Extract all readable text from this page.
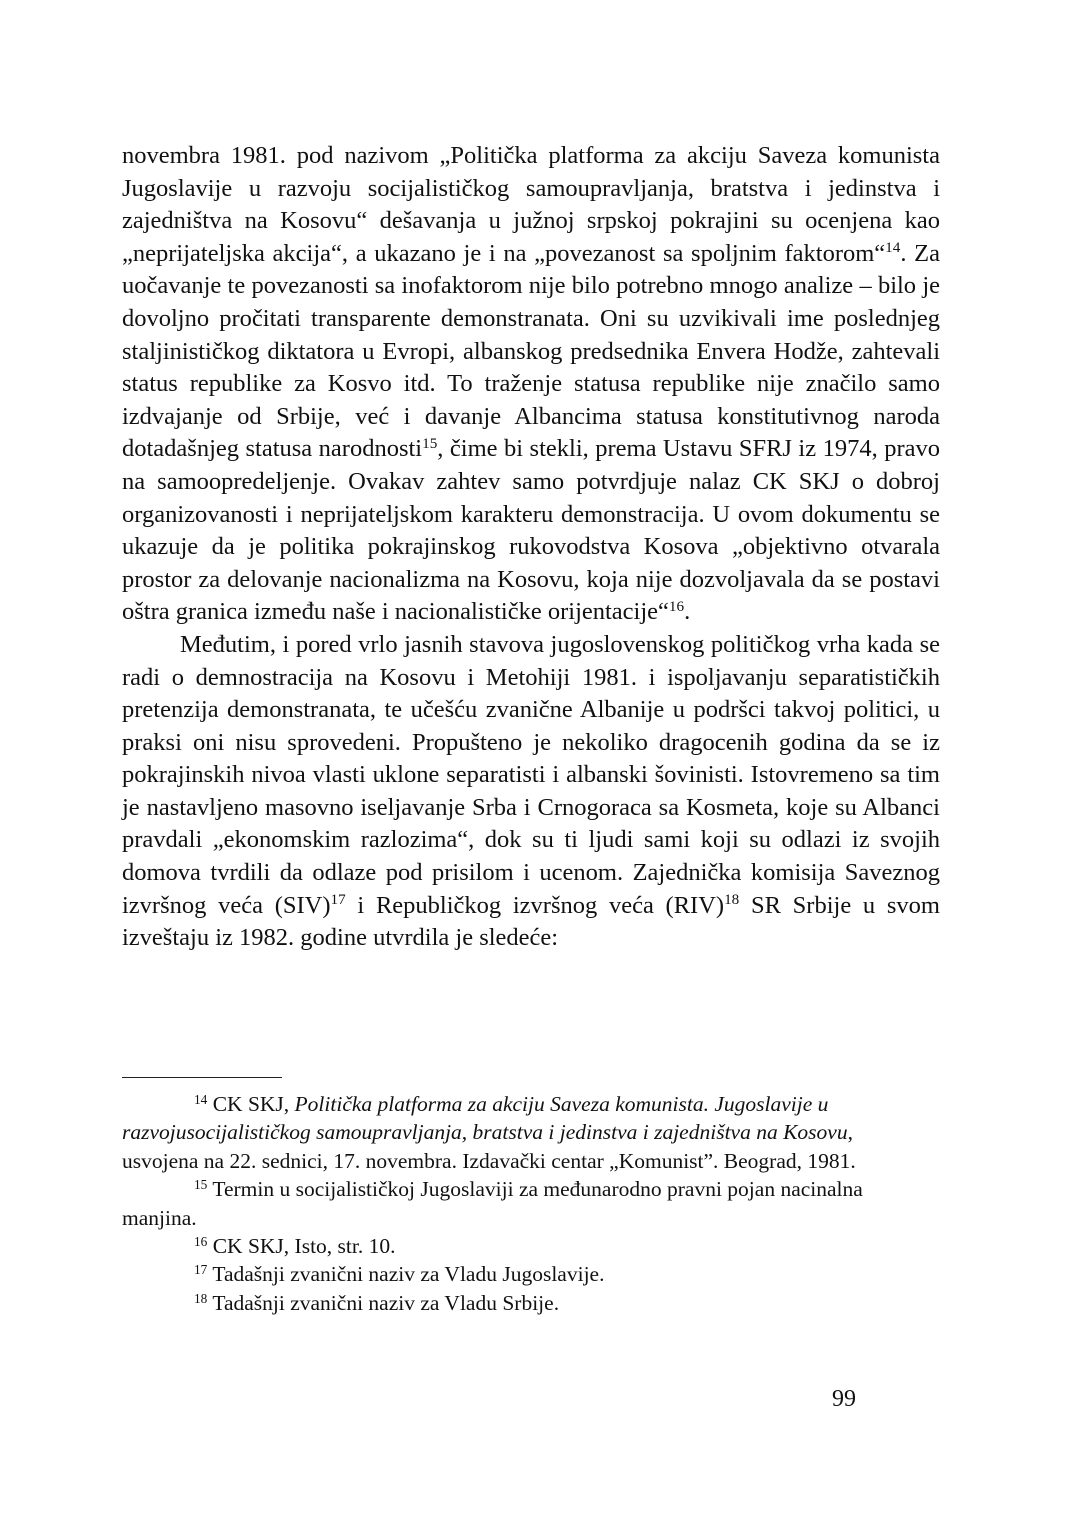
novembra 1981. pod nazivom „Politička platforma za akciju Saveza komunista Jugoslavije u razvoju socijalističkog samoupravljanja, bratstva i jedinstva i zajedništva na Kosovu“ dešavanja u južnoj srpskoj pokrajini su ocenjena kao „neprijateljska akcija“, a ukazano je i na „povezanost sa spoljnim faktorom“$^{14}$. Za uočavanje te povezanosti sa inofaktorom nije bilo potrebno mnogo analize – bilo je dovoljno pročitati transparente demonstranata. Oni su uzvikivali ime poslednjeg staljinističkog diktatora u Evropi, albanskog predsednika Envera Hodže, zahtevali status republike za Kosvo itd. To traženje statusa republike nije značilo samo izdvajanje od Srbije, već i davanje Albancima statusa konstitutivnog naroda dotadašnjeg statusa narodnosti$^{15}$, čime bi stekli, prema Ustavu SFRJ iz 1974, pravo na samoopredeljenje. Ovakav zahtev samo potvrdjuje nalaz CK SKJ o dobroj organizovanosti i neprijateljskom karakteru demonstracija. U ovom dokumentu se ukazuje da je politika pokrajinskog rukovodstva Kosova „objektivno otvarala prostor za delovanje nacionalizma na Kosovu, koja nije dozvoljavala da se postavi oštra granica između naše i nacionalističke orijentacije“$^{16}$.

Međutim, i pored vrlo jasnih stavova jugoslovenskog političkog vrha kada se radi o demnostracija na Kosovu i Metohiji 1981. i ispoljavanju separatističkih pretenzija demonstranata, te učešću zvanične Albanije u podršci takvoj politici, u praksi oni nisu sprovedeni. Propušteno je nekoliko dragocenih godina da se iz pokrajinskih nivoa vlasti uklone separatisti i albanski šovinisti. Istovremeno sa tim je nastavljeno masovno iseljavanje Srba i Crnogoraca sa Kosmeta, koje su Albanci pravdali „ekonomskim razlozima“, dok su ti ljudi sami koji su odlazi iz svojih domova tvrdili da odlaze pod prisilom i ucenom. Zajednička komisija Saveznog izvršnog veća (SIV)$^{17}$ i Republičkog izvršnog veća (RIV)$^{18}$ SR Srbije u svom izveštaju iz 1982. godine utvrdila je sledeće:

$^{14}$ CK SKJ, Politička platforma za akciju Saveza komunista. Jugoslavije u razvojusocijalističkog samoupravljanja, bratstva i jedinstva i zajedništva na Kosovu, usvojena na 22. sednici, 17. novembra. Izdavački centar „Komunist”. Beograd, 1981.

$^{15}$ Termin u socijalističkoj Jugoslaviji za međunarodno pravni pojan nacinalna manjina.

$^{16}$ CK SKJ, Isto, str. 10.

$^{17}$ Tadašnji zvanični naziv za Vladu Jugoslavije.

$^{18}$ Tadašnji zvanični naziv za Vladu Srbije.

99
